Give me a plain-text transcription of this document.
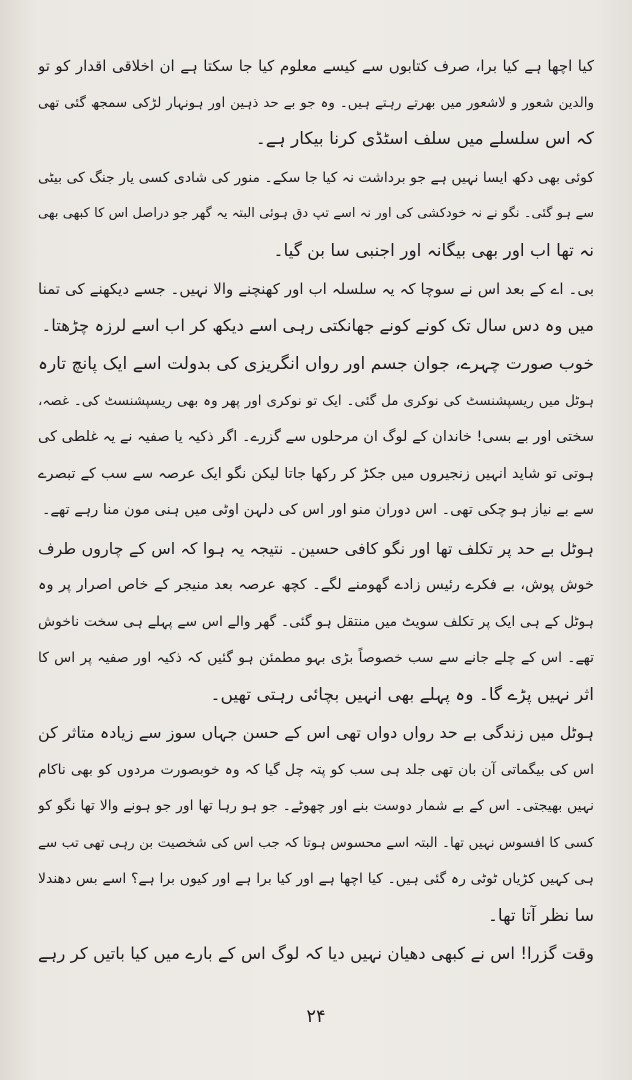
کیا اچھا ہے کیا برا، صرف کتابوں سے کیسے معلوم کیا جا سکتا ہے ان اخلاقی اقدار کو تو
والدین شعور و لاشعور میں بھرتے رہتے ہیں۔ وہ جو بے حد ذہین اور ہونہار لڑکی سمجھ گئی تھی
کہ اس سلسلے میں سلف اسٹڈی کرنا بیکار ہے۔

کوئی بھی دکھ ایسا نہیں ہے جو برداشت نہ کیا جا سکے۔ منور کی شادی کسی یار جنگ کی بیٹی
سے ہو گئی۔ نگو نے نہ خودکشی کی اور نہ اسے تپ دق ہوئی البتہ یہ گھر جو دراصل اس کا کبھی بھی
نہ تھا اب اور بھی بیگانہ اور اجنبی سا بن گیا۔

بی۔ اے کے بعد اس نے سوچا کہ یہ سلسلہ اب اور کھنچنے والا نہیں۔ جسے دیکھنے کی تمنا
میں وہ دس سال تک کونے کونے جھانکتی رہی اسے دیکھ کر اب اسے لرزہ چڑھتا۔

خوب صورت چہرے، جوان جسم اور رواں انگریزی کی بدولت اسے ایک پانچ تارہ
ہوٹل میں ریسپشنسٹ کی نوکری مل گئی۔ ایک تو نوکری اور پھر وہ بھی ریسپشنسٹ کی۔ غصہ،
سختی اور بے بسی! خاندان کے لوگ ان مرحلوں سے گزرے۔ اگر ذکیہ یا صفیہ نے یہ غلطی کی
ہوتی تو شاید انہیں زنجیروں میں جکڑ کر رکھا جاتا لیکن نگو ایک عرصہ سے سب کے تبصرے
سے بے نیاز ہو چکی تھی۔ اس دوران منو اور اس کی دلہن اوٹی میں ہنی مون منا رہے تھے۔

ہوٹل بے حد پر تکلف تھا اور نگو کافی حسین۔ نتیجہ یہ ہوا کہ اس کے چاروں طرف
خوش پوش، بے فکرے رئیس زادے گھومنے لگے۔ کچھ عرصہ بعد منیجر کے خاص اصرار پر وہ
ہوٹل کے ہی ایک پر تکلف سویٹ میں منتقل ہو گئی۔ گھر والے اس سے پہلے ہی سخت ناخوش
تھے۔ اس کے چلے جانے سے سب خصوصاً بڑی بہو مطمئن ہو گئیں کہ ذکیہ اور صفیہ پر اس کا
اثر نہیں پڑے گا۔ وہ پہلے بھی انہیں بچائی رہتی تھیں۔

ہوٹل میں زندگی بے حد رواں دواں تھی اس کے حسن جہاں سوز سے زیادہ متاثر کن
اس کی بیگماتی آن بان تھی جلد ہی سب کو پتہ چل گیا کہ وہ خوبصورت مردوں کو بھی ناکام
نہیں بھیجتی۔ اس کے بے شمار دوست بنے اور چھوٹے۔ جو ہو رہا تھا اور جو ہونے والا تھا نگو کو
کسی کا افسوس نہیں تھا۔ البتہ اسے محسوس ہوتا کہ جب اس کی شخصیت بن رہی تھی تب سے
ہی کہیں کڑیاں ٹوٹی رہ گئی ہیں۔ کیا اچھا ہے اور کیا برا ہے اور کیوں برا ہے؟ اسے بس دھندلا
سا نظر آتا تھا۔

وقت گزرا! اس نے کبھی دھیان نہیں دیا کہ لوگ اس کے بارے میں کیا باتیں کر رہے

۲۴
